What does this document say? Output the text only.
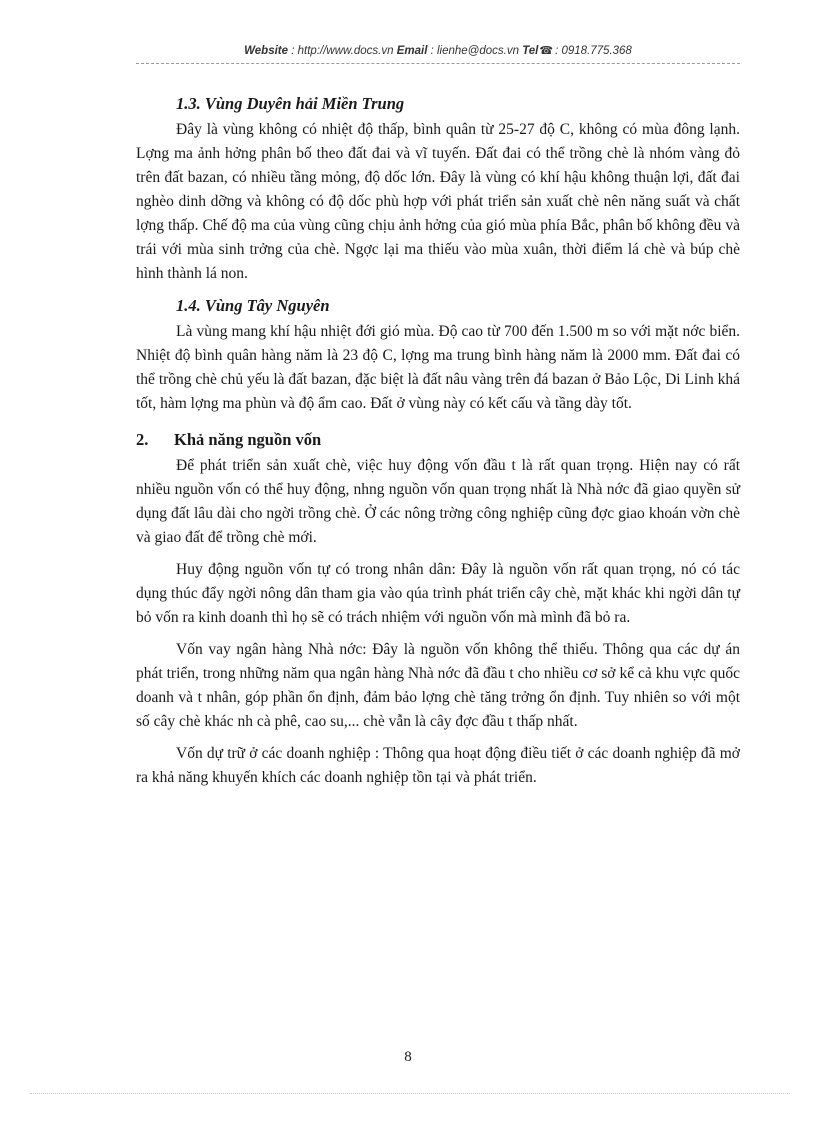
Website : http://www.docs.vn Email : lienhe@docs.vn Tel☎ : 0918.775.368
1.3. Vùng Duyên hải Miền Trung

Đây là vùng không có nhiệt độ thấp, bình quân từ 25-27 độ C, không có mùa đông lạnh. Lợng ma ảnh hởng phân bố theo đất đai và vĩ tuyến. Đất đai có thể trồng chè là nhóm vàng đỏ trên đất bazan, có nhiều tầng mỏng, độ dốc lớn. Đây là vùng có khí hậu không thuận lợi, đất đai nghèo dinh dỡng và không có độ dốc phù hợp với phát triển sản xuất chè nên năng suất và chất lợng thấp. Chế độ ma của vùng cũng chịu ảnh hởng của gió mùa phía Bắc, phân bố không đều và trái với mùa sinh trởng của chè. Ngợc lại ma thiếu vào mùa xuân, thời điểm lá chè và búp chè hình thành lá non.

1.4. Vùng Tây Nguyên

Là vùng mang khí hậu nhiệt đới gió mùa. Độ cao từ 700 đến 1.500 m so với mặt nớc biển. Nhiệt độ bình quân hàng năm là 23 độ C, lợng ma trung bình hàng năm là 2000 mm. Đất đai có thể trồng chè chủ yếu là đất bazan, đặc biệt là đất nâu vàng trên đá bazan ở Bảo Lộc, Di Linh khá tốt, hàm lợng ma phùn và độ ẩm cao. Đất ở vùng này có kết cấu và tầng dày tốt.

2. Khả năng nguồn vốn

Để phát triển sản xuất chè, việc huy động vốn đầu t là rất quan trọng. Hiện nay có rất nhiều nguồn vốn có thể huy động, nhng nguồn vốn quan trọng nhất là Nhà nớc đã giao quyền sử dụng đất lâu dài cho ngời trồng chè. Ở các nông trờng công nghiệp cũng đợc giao khoán vờn chè và giao đất để trồng chè mới.

Huy động nguồn vốn tự có trong nhân dân: Đây là nguồn vốn rất quan trọng, nó có tác dụng thúc đẩy ngời nông dân tham gia vào qúa trình phát triển cây chè, mặt khác khi ngời dân tự bỏ vốn ra kinh doanh thì họ sẽ có trách nhiệm với nguồn vốn mà mình đã bỏ ra.

Vốn vay ngân hàng Nhà nớc: Đây là nguồn vốn không thể thiếu. Thông qua các dự án phát triển, trong những năm qua ngân hàng Nhà nớc đã đầu t cho nhiều cơ sở kể cả khu vực quốc doanh và t nhân, góp phần ổn định, đảm bảo lợng chè tăng trởng ổn định. Tuy nhiên so với một số cây chè khác nh cà phê, cao su,... chè vẫn là cây đợc đầu t thấp nhất.

Vốn dự trữ ở các doanh nghiệp : Thông qua hoạt động điều tiết ở các doanh nghiệp đã mở ra khả năng khuyến khích các doanh nghiệp tồn tại và phát triển.

8
